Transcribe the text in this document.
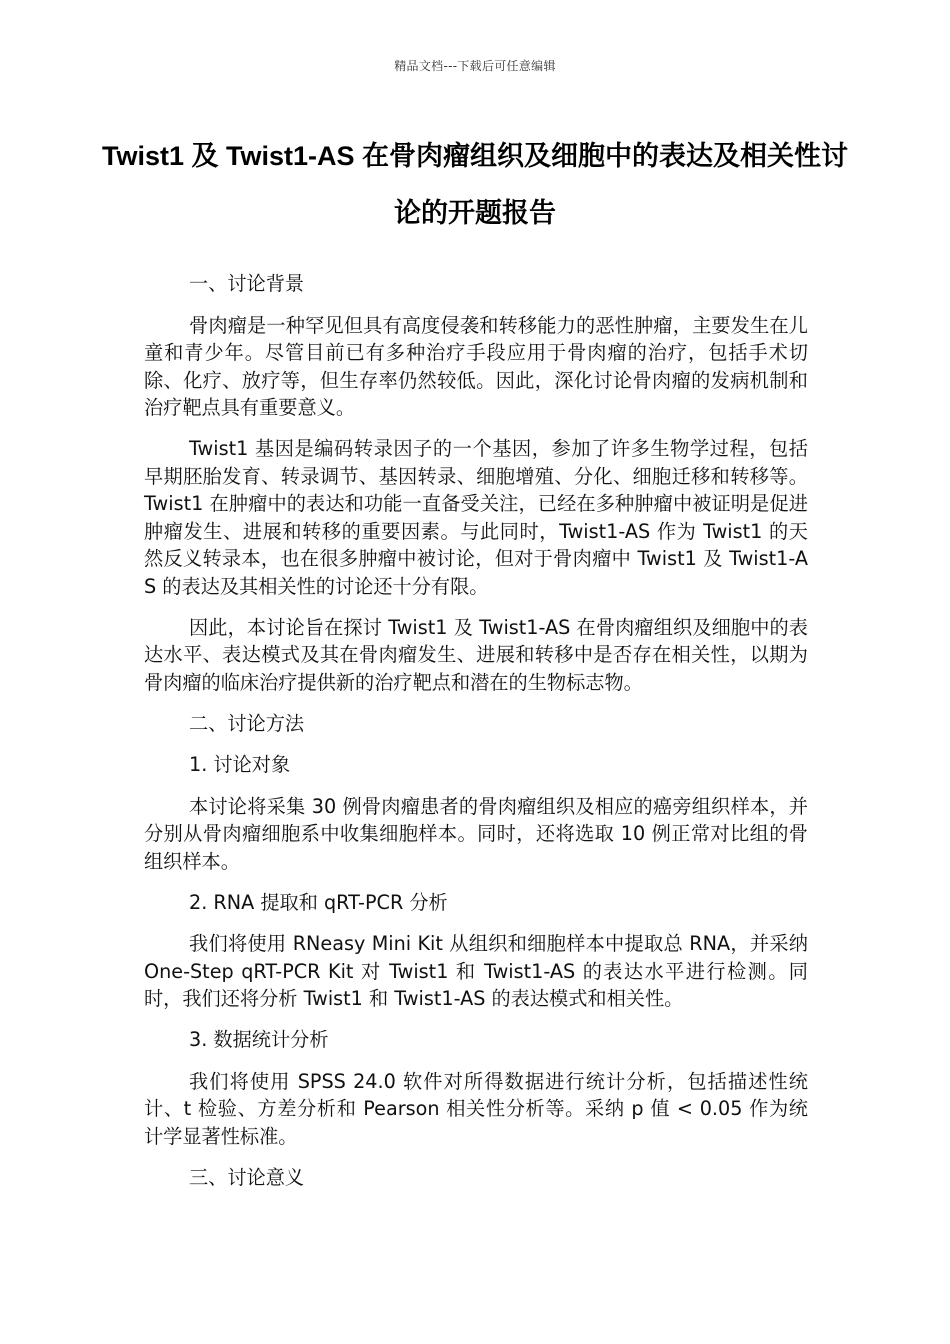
精品文档---下载后可任意编辑
Twist1 及 Twist1-AS 在骨肉瘤组织及细胞中的表达及相关性讨论的开题报告

一、讨论背景

骨肉瘤是一种罕见但具有高度侵袭和转移能力的恶性肿瘤，主要发生在儿童和青少年。尽管目前已有多种治疗手段应用于骨肉瘤的治疗，包括手术切除、化疗、放疗等，但生存率仍然较低。因此，深化讨论骨肉瘤的发病机制和治疗靶点具有重要意义。

Twist1 基因是编码转录因子的一个基因，参加了许多生物学过程，包括早期胚胎发育、转录调节、基因转录、细胞增殖、分化、细胞迁移和转移等。Twist1 在肿瘤中的表达和功能一直备受关注，已经在多种肿瘤中被证明是促进肿瘤发生、进展和转移的重要因素。与此同时，Twist1-AS 作为 Twist1 的天然反义转录本，也在很多肿瘤中被讨论，但对于骨肉瘤中 Twist1 及 Twist1-AS 的表达及其相关性的讨论还十分有限。

因此，本讨论旨在探讨 Twist1 及 Twist1-AS 在骨肉瘤组织及细胞中的表达水平、表达模式及其在骨肉瘤发生、进展和转移中是否存在相关性，以期为骨肉瘤的临床治疗提供新的治疗靶点和潜在的生物标志物。

二、讨论方法

1. 讨论对象

本讨论将采集 30 例骨肉瘤患者的骨肉瘤组织及相应的癌旁组织样本，并分别从骨肉瘤细胞系中收集细胞样本。同时，还将选取 10 例正常对比组的骨组织样本。

2. RNA 提取和 qRT-PCR 分析

我们将使用 RNeasy Mini Kit 从组织和细胞样本中提取总 RNA，并采纳 One-Step qRT-PCR Kit 对 Twist1 和 Twist1-AS 的表达水平进行检测。同时，我们还将分析 Twist1 和 Twist1-AS 的表达模式和相关性。

3. 数据统计分析

我们将使用 SPSS 24.0 软件对所得数据进行统计分析，包括描述性统计、t 检验、方差分析和 Pearson 相关性分析等。采纳 p 值 < 0.05 作为统计学显著性标准。

三、讨论意义
